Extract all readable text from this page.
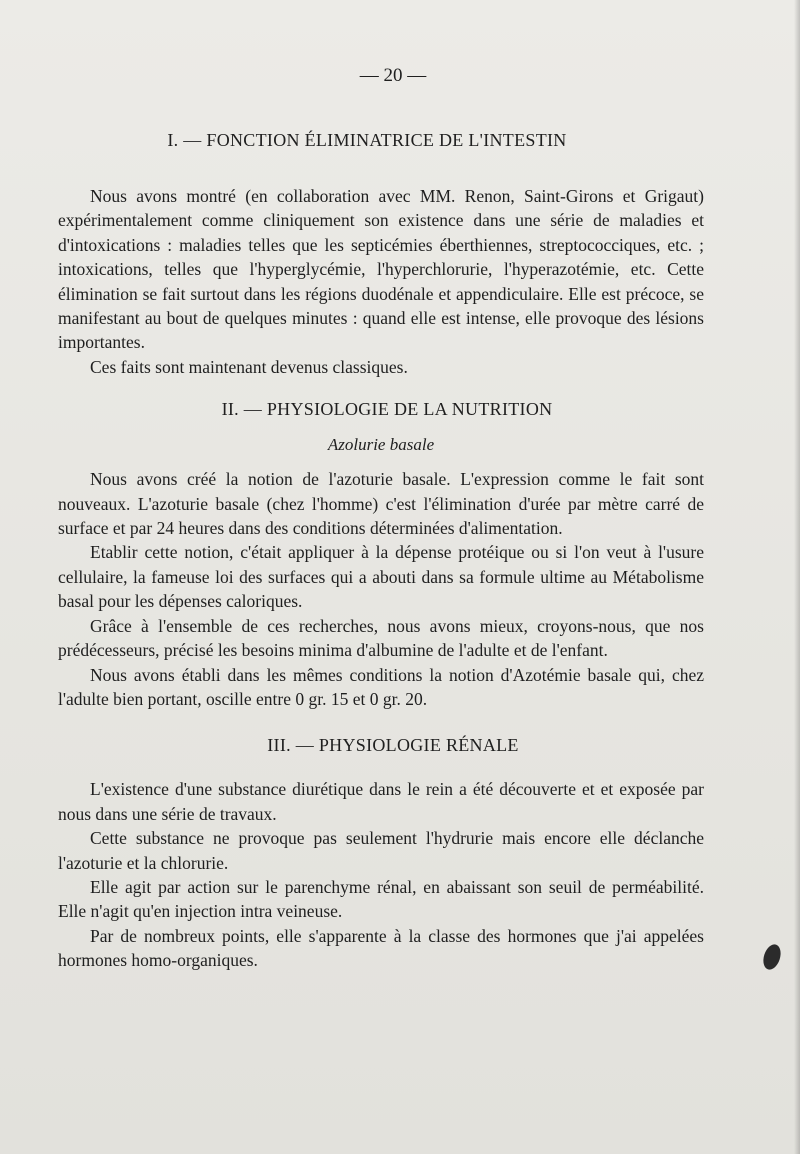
— 20 —
I. — FONCTION ÉLIMINATRICE DE L'INTESTIN

Nous avons montré (en collaboration avec MM. Renon, Saint-Girons et Grigaut) expérimentalement comme cliniquement son existence dans une série de maladies et d'intoxications : maladies telles que les septicémies éberthiennes, streptococciques, etc. ; intoxications, telles que l'hyperglycémie, l'hyperchlorurie, l'hyperazotémie, etc. Cette élimination se fait surtout dans les régions duodénale et appendiculaire. Elle est précoce, se manifestant au bout de quelques minutes : quand elle est intense, elle provoque des lésions importantes.

Ces faits sont maintenant devenus classiques.

II. — PHYSIOLOGIE DE LA NUTRITION
Azolurie basale

Nous avons créé la notion de l'azoturie basale. L'expression comme le fait sont nouveaux. L'azoturie basale (chez l'homme) c'est l'élimination d'urée par mètre carré de surface et par 24 heures dans des conditions déterminées d'alimentation.

Etablir cette notion, c'était appliquer à la dépense protéique ou si l'on veut à l'usure cellulaire, la fameuse loi des surfaces qui a abouti dans sa formule ultime au Métabolisme basal pour les dépenses caloriques.

Grâce à l'ensemble de ces recherches, nous avons mieux, croyons-nous, que nos prédécesseurs, précisé les besoins minima d'albumine de l'adulte et de l'enfant.

Nous avons établi dans les mêmes conditions la notion d'Azotémie basale qui, chez l'adulte bien portant, oscille entre 0 gr. 15 et 0 gr. 20.

III. — PHYSIOLOGIE RÉNALE

L'existence d'une substance diurétique dans le rein a été découverte et et exposée par nous dans une série de travaux.

Cette substance ne provoque pas seulement l'hydrurie mais encore elle déclanche l'azoturie et la chlorurie.

Elle agit par action sur le parenchyme rénal, en abaissant son seuil de perméabilité. Elle n'agit qu'en injection intra veineuse.

Par de nombreux points, elle s'apparente à la classe des hormones que j'ai appelées hormones homo-organiques.
